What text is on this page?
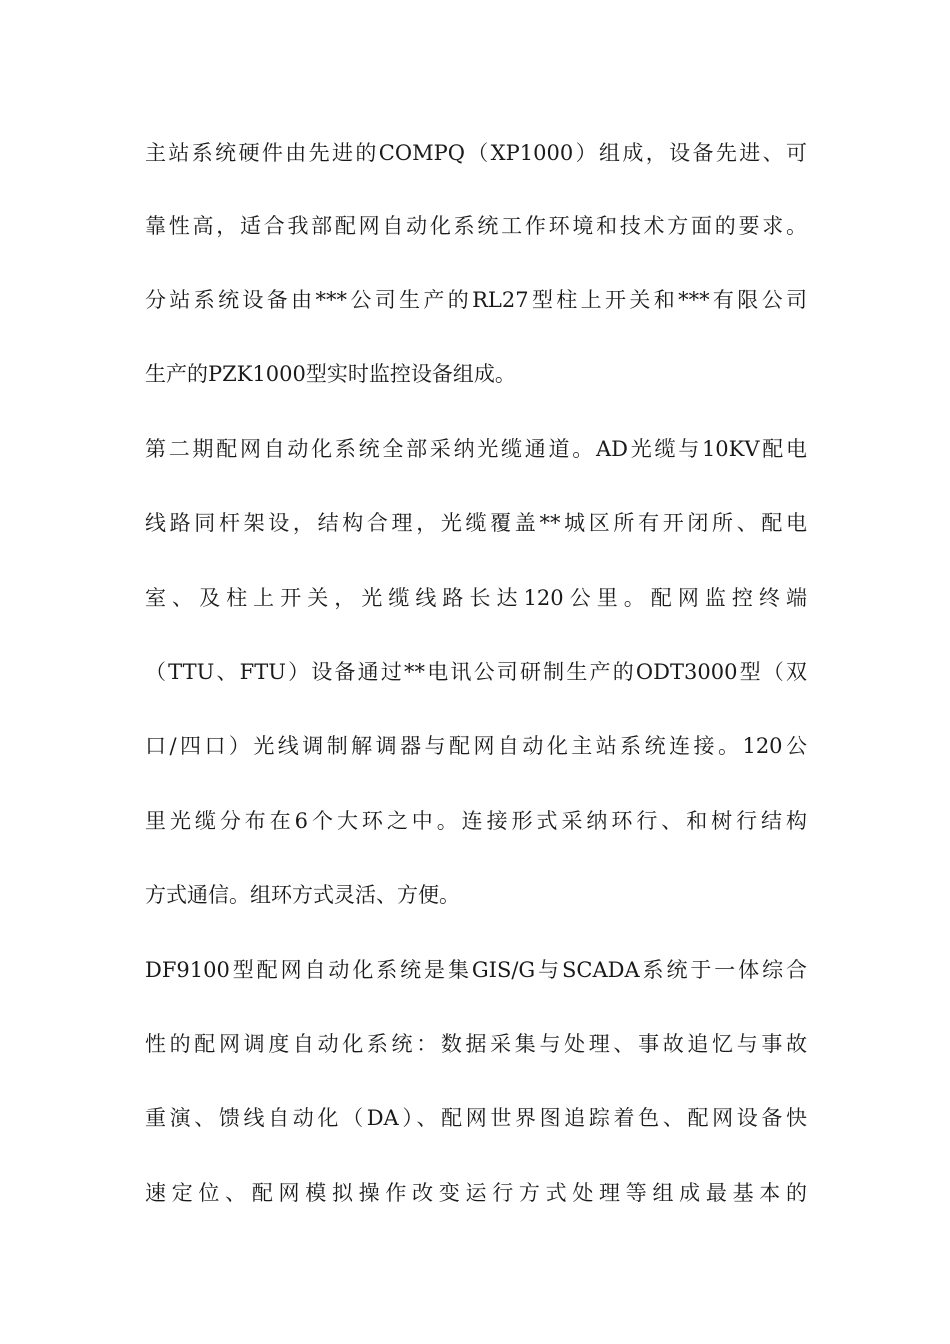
主站系统硬件由先进的COMPQ（XP1000）组成，设备先进、可
靠性高，适合我部配网自动化系统工作环境和技术方面的要求。
分站系统设备由***公司生产的RL27型柱上开关和***有限公司
生产的PZK1000型实时监控设备组成。
第二期配网自动化系统全部采纳光缆通道。AD光缆与10KV配电
线路同杆架设，结构合理，光缆覆盖**城区所有开闭所、配电
室、及柱上开关，光缆线路长达120公里。配网监控终端
（TTU、FTU）设备通过**电讯公司研制生产的ODT3000型（双
口/四口）光线调制解调器与配网自动化主站系统连接。120公
里光缆分布在6个大环之中。连接形式采纳环行、和树行结构
方式通信。组环方式灵活、方便。
DF9100型配网自动化系统是集GIS/G与SCADA系统于一体综合
性的配网调度自动化系统：数据采集与处理、事故追忆与事故
重演、馈线自动化（DA）、配网世界图追踪着色、配网设备快
速定位、配网模拟操作改变运行方式处理等组成最基本的
